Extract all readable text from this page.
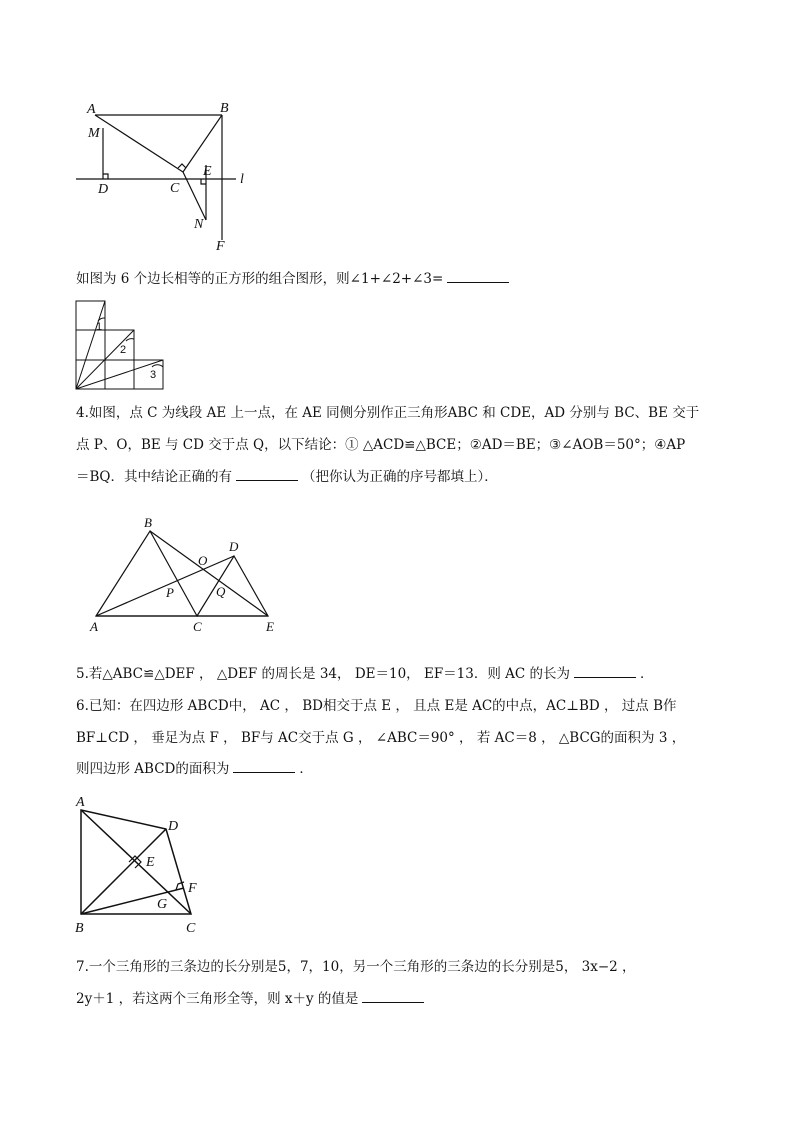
A	B
M
D	C
E
N
F
l
如图为 6 个边长相等的正方形的组合图形，则∠1+∠2+∠3=
1
2
3
4.如图，点 C 为线段 AE 上一点，在 AE 同侧分别作正三角形ABC 和 CDE，AD 分别与 BC、BE 交于
点 P、O，BE 与 CD 交于点 Q，以下结论：① △ACD≌△BCE；②AD＝BE；③∠AOB＝50°；④AP
＝BQ．其中结论正确的有	（把你认为正确的序号都填上）．
B
O
D
P	Q
A	C	E
5.若△ABC≌△DEF ， △DEF 的周长是 34， DE＝10， EF＝13．则 AC 的长为	．
6.已知：在四边形 ABCD中， AC ， BD相交于点 E ， 且点 E是 AC的中点，AC⊥BD ， 过点 B作
BF⊥CD ， 垂足为点 F ， BF与 AC交于点 G ， ∠ABC＝90° ， 若 AC＝8 ， △BCG的面积为 3 ，
则四边形 ABCD的面积为	．
A
D
E
F
G
B	C
7.一个三角形的三条边的长分别是5，7，10，另一个三角形的三条边的长分别是5， 3x−2 ，
2y＋1 ，若这两个三角形全等，则 x＋y 的值是
